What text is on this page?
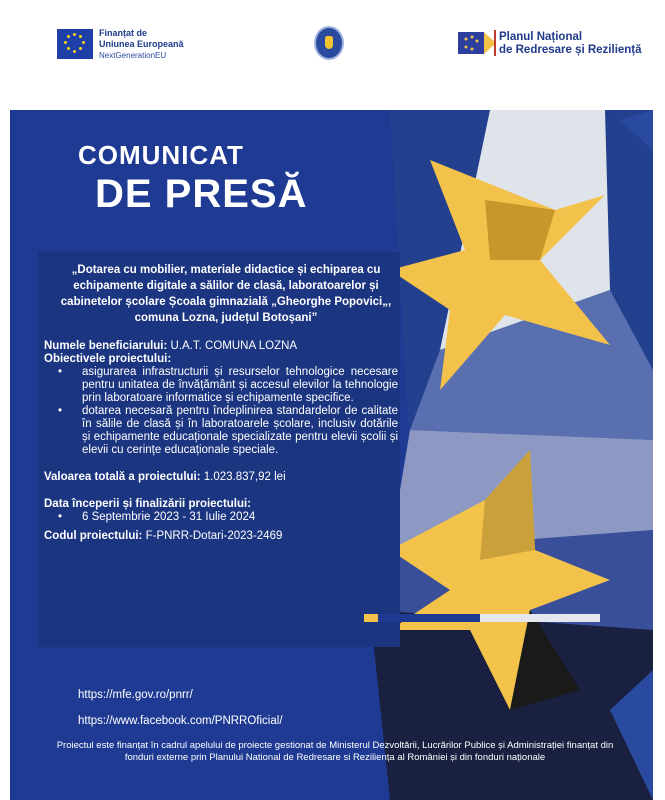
Finanțat de
Uniunea Europeană
NextGenerationEU
Planul Național
de Redresare și Reziliență
COMUNICAT
DE PRESĂ
„Dotarea cu mobilier, materiale didactice și echiparea cu echipamente digitale a sălilor de clasă, laboratoarelor și cabinetelor școlare Școala gimnazială „Gheorghe Popovici„, comuna Lozna, județul Botoșani”
Numele beneficiarului: U.A.T. COMUNA LOZNA
Obiectivele proiectului:
• asigurarea infrastructurii și resurselor tehnologice necesare pentru unitatea de învățământ și accesul elevilor la tehnologie prin laboratoare informatice și echipamente specifice.
• dotarea necesară pentru îndeplinirea standardelor de calitate în sălile de clasă și în laboratoarele școlare, inclusiv dotările și echipamente educaționale specializate pentru elevii școlii și elevii cu cerințe educaționale speciale.
Valoarea totală a proiectului: 1.023.837,92 lei
Data începerii și finalizării proiectului:
• 6 Septembrie 2023 - 31 Iulie 2024
Codul proiectului: F-PNRR-Dotari-2023-2469
https://mfe.gov.ro/pnrr/
https://www.facebook.com/PNRROficial/
Proiectul este finanțat în cadrul apelului de proiecte gestionat de Ministerul Dezvoltării, Lucrărilor Publice și Administrației finanțat din fonduri externe prin Planului National de Redresare si Reziliența al României și din fonduri naționale
